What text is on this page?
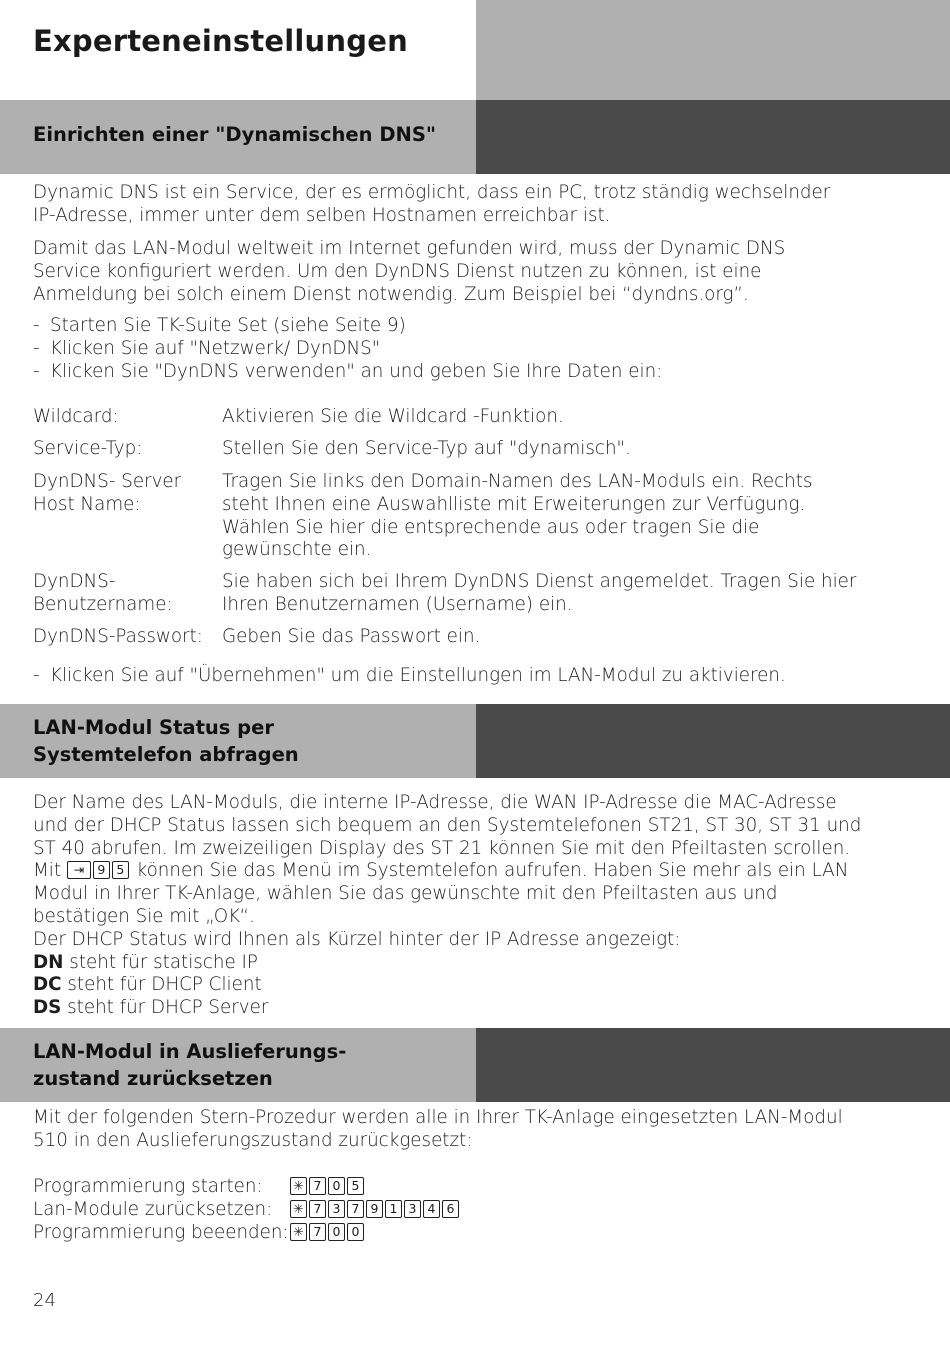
Experteneinstellungen
Einrichten einer "Dynamischen DNS"
Dynamic DNS ist ein Service, der es ermöglicht, dass ein PC, trotz ständig wechselnder IP-Adresse, immer unter dem selben Hostnamen erreichbar ist.
Damit das LAN-Modul weltweit im Internet gefunden wird, muss der Dynamic DNS Service konfiguriert werden. Um den DynDNS Dienst nutzen zu können, ist eine Anmeldung bei solch einem Dienst notwendig. Zum Beispiel bei “dyndns.org”.
- Starten Sie TK-Suite Set (siehe Seite 9)
- Klicken Sie auf "Netzwerk/ DynDNS"
- Klicken Sie "DynDNS verwenden" an und geben Sie Ihre Daten ein:
Wildcard:	Aktivieren Sie die Wildcard -Funktion.
Service-Typ:	Stellen Sie den Service-Typ auf "dynamisch".
DynDNS- Server
Host Name:
Tragen Sie links den Domain-Namen des LAN-Moduls ein. Rechts steht Ihnen eine Auswahlliste mit Erweiterungen zur Verfügung. Wählen Sie hier die entsprechende aus oder tragen Sie die gewünschte ein.
DynDNS-
Benutzername:
Sie haben sich bei Ihrem DynDNS Dienst angemeldet. Tragen Sie hier Ihren Benutzernamen (Username) ein.
DynDNS-Passwort: Geben Sie das Passwort ein.
- Klicken Sie auf "Übernehmen" um die Einstellungen im LAN-Modul zu aktivieren.
LAN-Modul Status per
Systemtelefon abfragen

Der Name des LAN-Moduls, die interne IP-Adresse, die WAN IP-Adresse die MAC-Adresse und der DHCP Status lassen sich bequem an den Systemtelefonen ST21, ST 30, ST 31 und ST 40 abrufen. Im zweizeiligen Display des ST 21 können Sie mit den Pfeiltasten scrollen.

Mit ⇥ 9 5 können Sie das Menü im Systemtelefon aufrufen. Haben Sie mehr als ein LAN Modul in Ihrer TK-Anlage, wählen Sie das gewünschte mit den Pfeiltasten aus und bestätigen Sie mit „OK“.

Der DHCP Status wird Ihnen als Kürzel hinter der IP Adresse angezeigt:

DN steht für statische IP

DC steht für DHCP Client

DS steht für DHCP Server

LAN-Modul in Auslieferungs-
zustand zurücksetzen
Mit der folgenden Stern-Prozedur werden alle in Ihrer TK-Anlage eingesetzten LAN-Modul 510 in den Auslieferungszustand zurückgesetzt:
Programmierung starten: ✳ 7 0 5
Lan-Module zurücksetzen: ✳ 7 3 7 9 1 3 4 6
Programmierung beeenden: ✳ 7 0 0
24
